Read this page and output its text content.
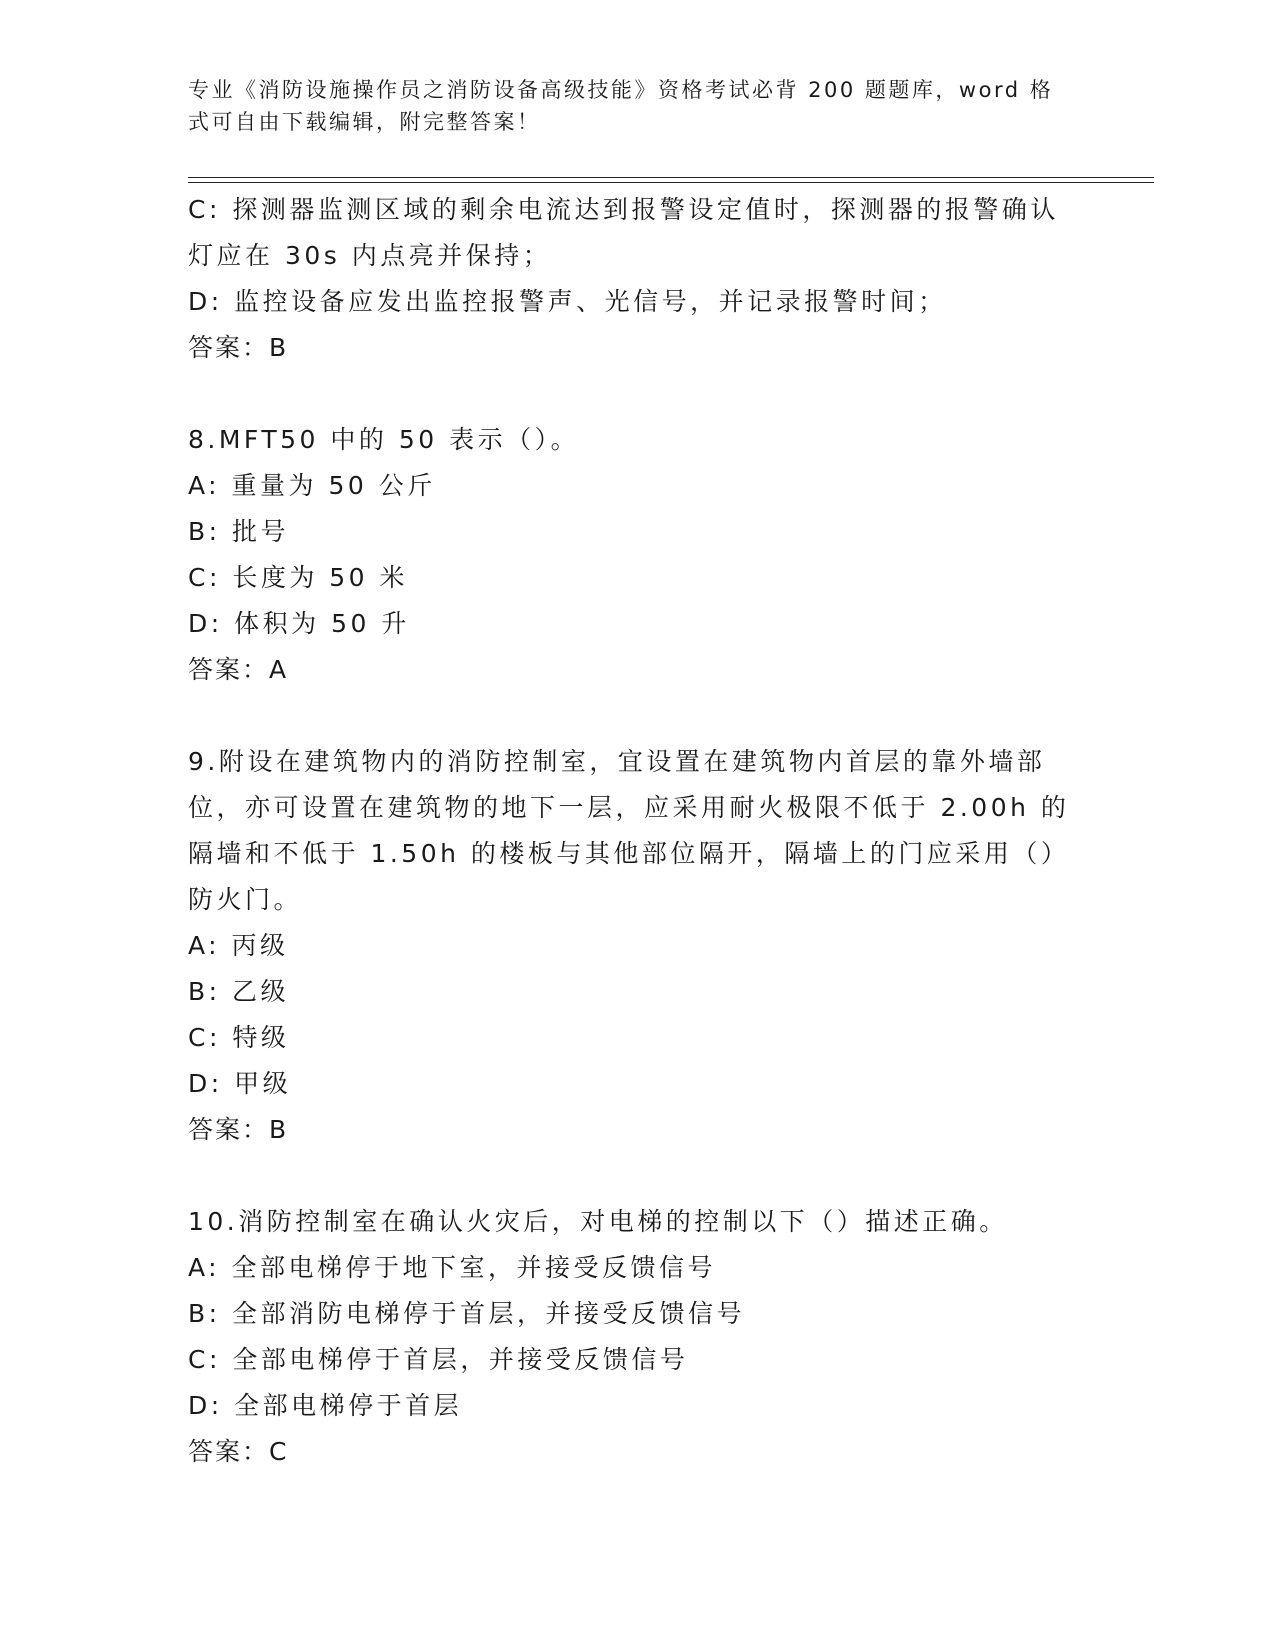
专业《消防设施操作员之消防设备高级技能》资格考试必背 200 题题库，word 格
式可自由下载编辑，附完整答案！
C: 探测器监测区域的剩余电流达到报警设定值时，探测器的报警确认
灯应在 30s 内点亮并保持；
D: 监控设备应发出监控报警声、光信号，并记录报警时间；
答案：B
8.MFT50 中的 50 表示（）。
A: 重量为 50 公斤
B: 批号
C: 长度为 50 米
D: 体积为 50 升
答案：A
9.附设在建筑物内的消防控制室，宜设置在建筑物内首层的靠外墙部
位，亦可设置在建筑物的地下一层，应采用耐火极限不低于 2.00h 的
隔墙和不低于 1.50h 的楼板与其他部位隔开，隔墙上的门应采用（）
防火门。
A: 丙级
B: 乙级
C: 特级
D: 甲级
答案：B
10.消防控制室在确认火灾后，对电梯的控制以下（）描述正确。
A: 全部电梯停于地下室，并接受反馈信号
B: 全部消防电梯停于首层，并接受反馈信号
C: 全部电梯停于首层，并接受反馈信号
D: 全部电梯停于首层
答案：C
